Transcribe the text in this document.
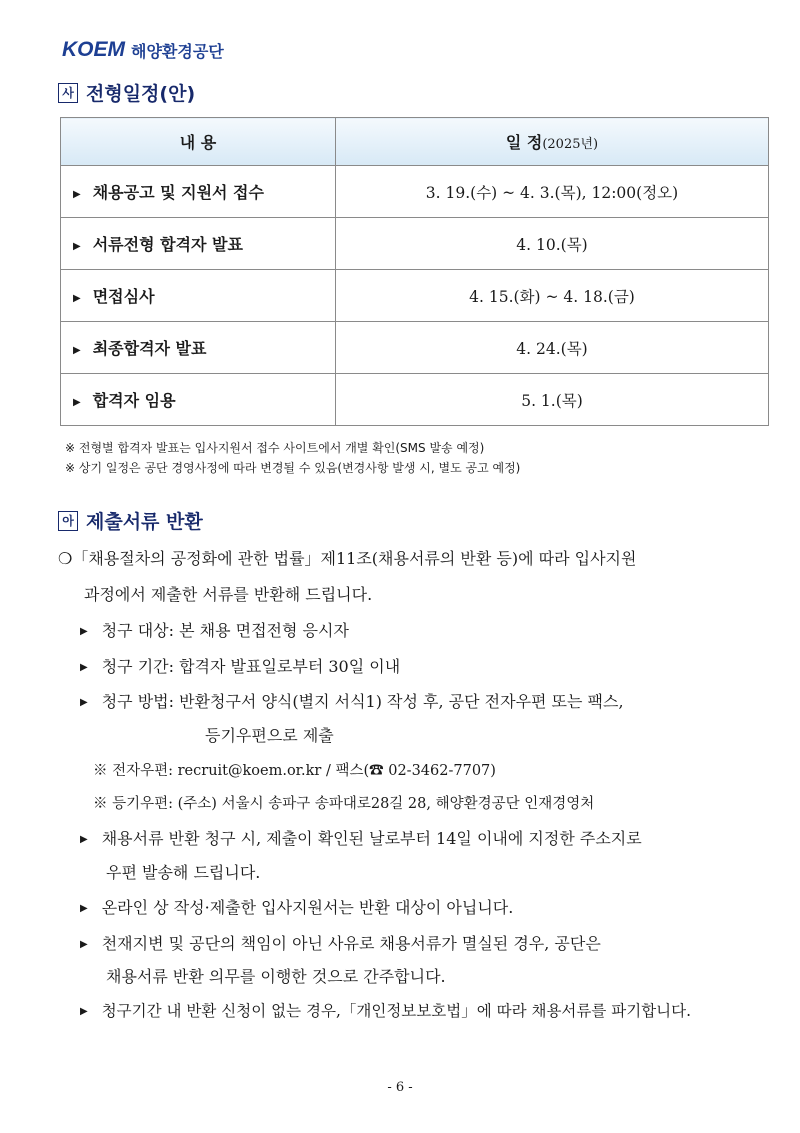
KOEM 해양환경공단
사 전형일정(안)
내 용	일 정(2025년)
▶ 채용공고 및 지원서 접수	3. 19.(수) ~ 4. 3.(목), 12:00(정오)
▶ 서류전형 합격자 발표	4. 10.(목)
▶ 면접심사	4. 15.(화) ~ 4. 18.(금)
▶ 최종합격자 발표	4. 24.(목)
▶ 합격자 임용	5. 1.(목)
※ 전형별 합격자 발표는 입사지원서 접수 사이트에서 개별 확인(SMS 발송 예정)
※ 상기 일정은 공단 경영사정에 따라 변경될 수 있음(변경사항 발생 시, 별도 공고 예정)
아 제출서류 반환
❍「채용절차의 공정화에 관한 법률」제11조(채용서류의 반환 등)에 따라 입사지원
과정에서 제출한 서류를 반환해 드립니다.
▶ 청구 대상: 본 채용 면접전형 응시자
▶ 청구 기간: 합격자 발표일로부터 30일 이내
▶ 청구 방법: 반환청구서 양식(별지 서식1) 작성 후, 공단 전자우편 또는 팩스,
등기우편으로 제출
※ 전자우편: recruit@koem.or.kr / 팩스(☎ 02-3462-7707)
※ 등기우편: (주소) 서울시 송파구 송파대로28길 28, 해양환경공단 인재경영처
▶ 채용서류 반환 청구 시, 제출이 확인된 날로부터 14일 이내에 지정한 주소지로
우편 발송해 드립니다.
▶ 온라인 상 작성·제출한 입사지원서는 반환 대상이 아닙니다.
▶ 천재지변 및 공단의 책임이 아닌 사유로 채용서류가 멸실된 경우, 공단은
채용서류 반환 의무를 이행한 것으로 간주합니다.
▶ 청구기간 내 반환 신청이 없는 경우,「개인정보보호법」에 따라 채용서류를 파기합니다.
- 6 -
